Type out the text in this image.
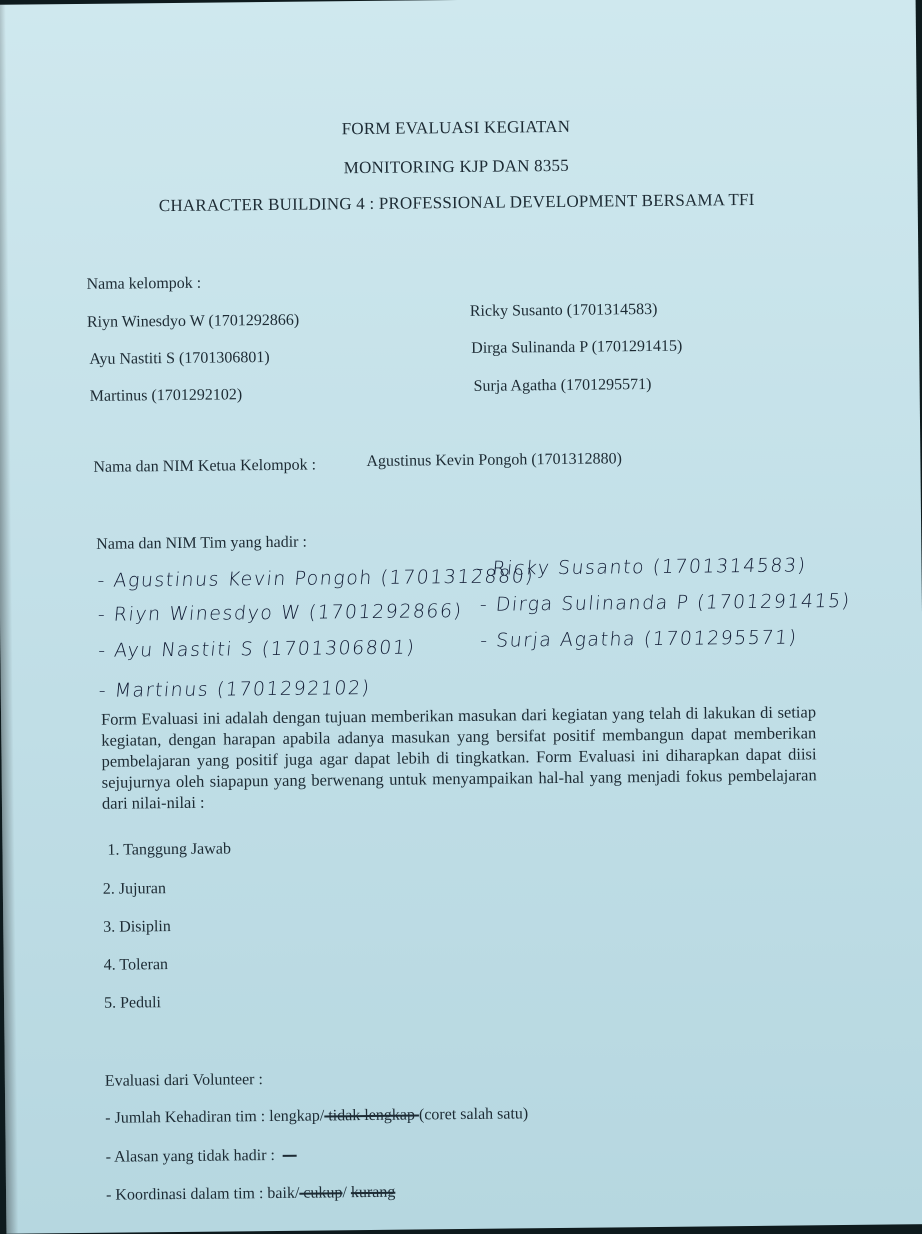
FORM EVALUASI KEGIATAN
MONITORING KJP DAN 8355
CHARACTER BUILDING 4 : PROFESSIONAL DEVELOPMENT BERSAMA TFI
Nama kelompok :
Riyn Winesdyo W (1701292866)
Ayu Nastiti S (1701306801)
Martinus (1701292102)
Ricky Susanto (1701314583)
Dirga Sulinanda P (1701291415)
Surja Agatha (1701295571)
Nama dan NIM Ketua Kelompok :	Agustinus Kevin Pongoh (1701312880)
Nama dan NIM Tim yang hadir :
- Agustinus Kevin Pongoh (1701312880)
- Ricky Susanto (1701314583)
- Riyn Winesdyo W (1701292866) - Dirga Sulinanda P (1701291415)
- Ayu Nastiti S (1701306801)	- Surja Agatha (1701295571)
- Martinus (1701292102)
Form Evaluasi ini adalah dengan tujuan memberikan masukan dari kegiatan yang telah di lakukan di setiap kegiatan, dengan harapan apabila adanya masukan yang bersifat positif membangun dapat memberikan pembelajaran yang positif juga agar dapat lebih di tingkatkan. Form Evaluasi ini diharapkan dapat diisi sejujurnya oleh siapapun yang berwenang untuk menyampaikan hal-hal yang menjadi fokus pembelajaran dari nilai-nilai :
1. Tanggung Jawab
2. Jujuran
3. Disiplin
4. Toleran
5. Peduli
Evaluasi dari Volunteer :
- Jumlah Kehadiran tim : lengkap/ tidak lengkap (coret salah satu)
- Alasan yang tidak hadir :
- Koordinasi dalam tim : baik/ cukup/ kurang
